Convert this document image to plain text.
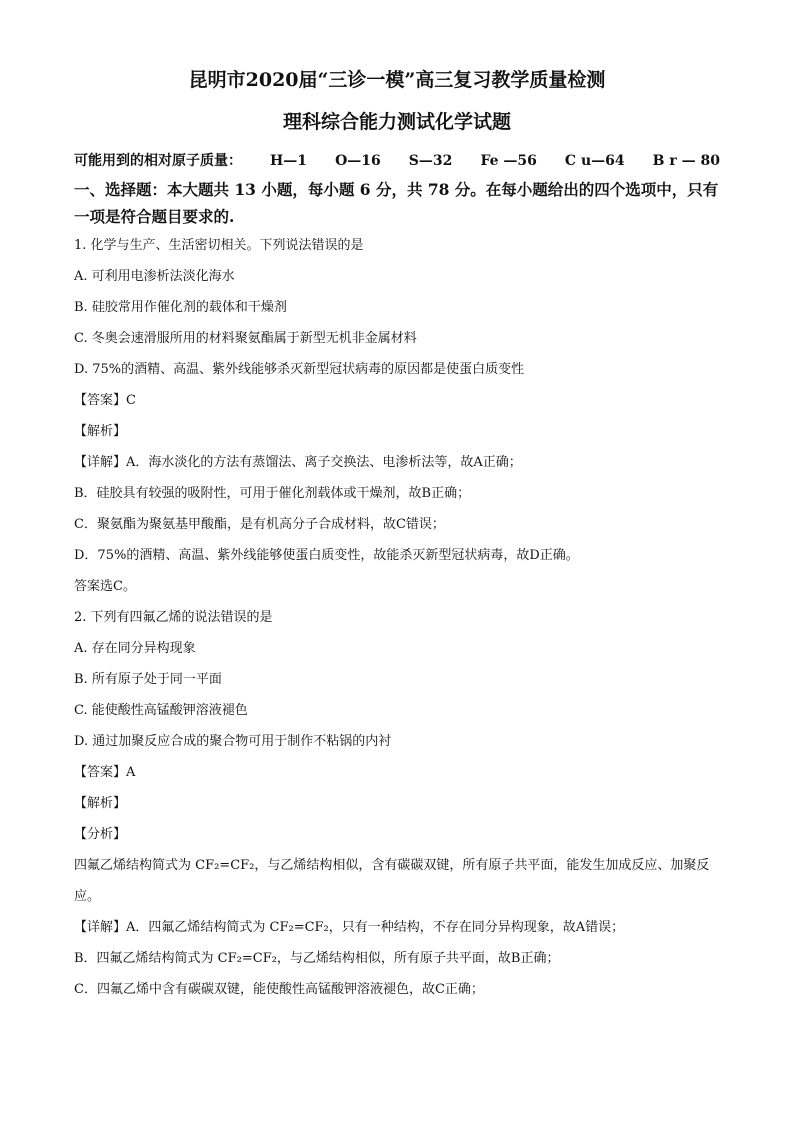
昆明市2020届“三诊一模”高三复习教学质量检测
理科综合能力测试化学试题
可能用到的相对原子质量： H—1 O—16 S—32 Fe —56 C u—64 B r — 80
一、选择题：本大题共 13 小题，每小题 6 分，共 78 分。在每小题给出的四个选项中，只有一项是符合题目要求的.
1. 化学与生产、生活密切相关。下列说法错误的是
A. 可利用电渗析法淡化海水
B. 硅胶常用作催化剂的载体和干燥剂
C. 冬奥会速滑服所用的材料聚氨酯属于新型无机非金属材料
D. 75%的酒精、高温、紫外线能够杀灭新型冠状病毒的原因都是使蛋白质变性
【答案】C
【解析】
【详解】A．海水淡化的方法有蒸馏法、离子交换法、电渗析法等，故A正确；
B．硅胶具有较强的吸附性，可用于催化剂载体或干燥剂，故B正确；
C．聚氨酯为聚氨基甲酸酯，是有机高分子合成材料，故C错误；
D．75%的酒精、高温、紫外线能够使蛋白质变性，故能杀灭新型冠状病毒，故D正确。
答案选C。
2. 下列有四氟乙烯的说法错误的是
A. 存在同分异构现象
B. 所有原子处于同一平面
C. 能使酸性高锰酸钾溶液褪色
D. 通过加聚反应合成的聚合物可用于制作不粘锅的内衬
【答案】A
【解析】
【分析】
四氟乙烯结构简式为 CF₂=CF₂，与乙烯结构相似，含有碳碳双键，所有原子共平面，能发生加成反应、加聚反应。
【详解】A．四氟乙烯结构简式为 CF₂=CF₂，只有一种结构，不存在同分异构现象，故A错误；
B．四氟乙烯结构简式为 CF₂=CF₂，与乙烯结构相似，所有原子共平面，故B正确；
C．四氟乙烯中含有碳碳双键，能使酸性高锰酸钾溶液褪色，故C正确；
